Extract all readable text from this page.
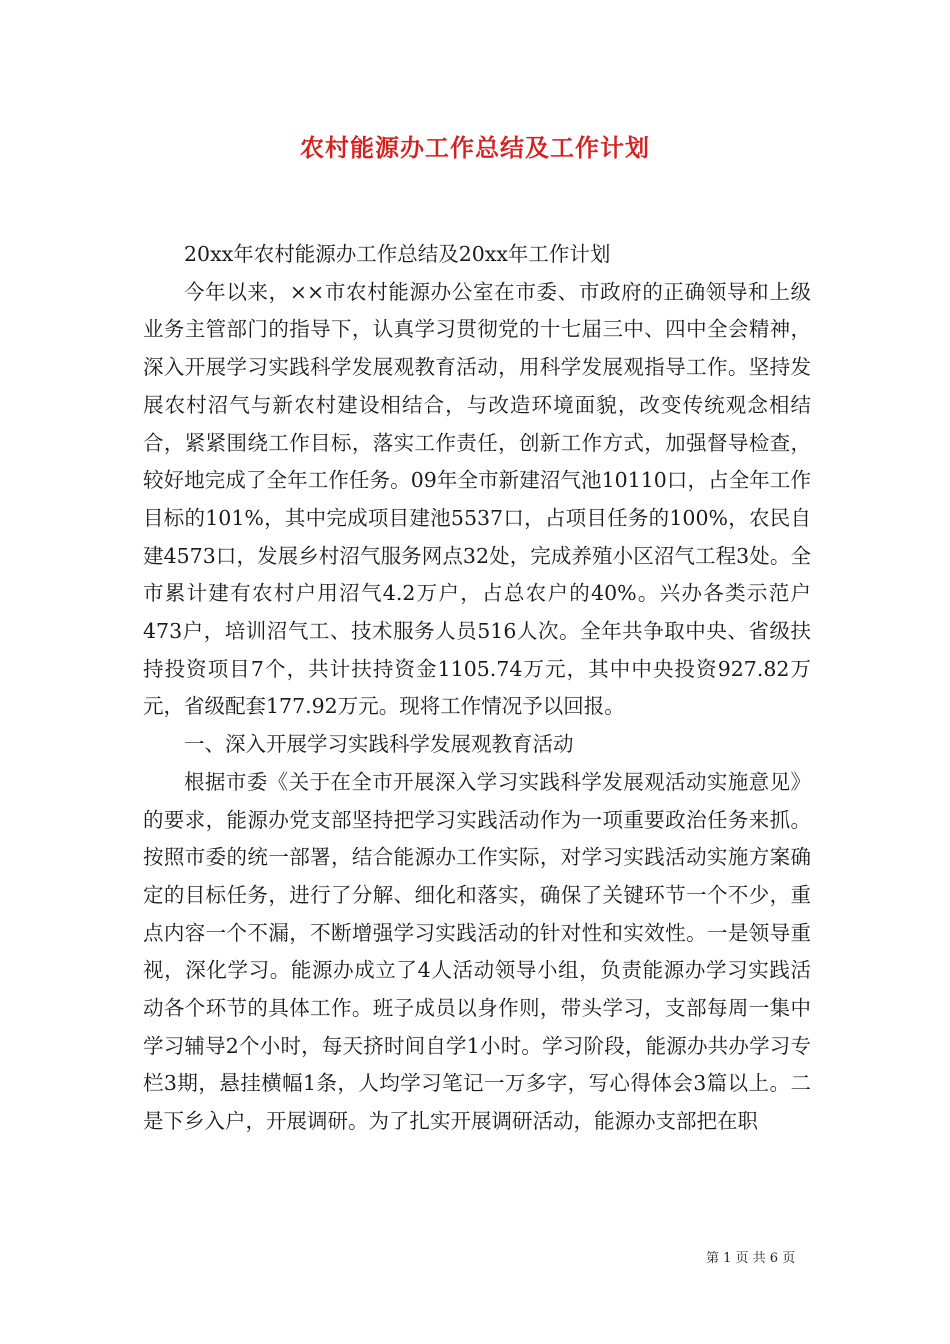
农村能源办工作总结及工作计划

20xx年农村能源办工作总结及20xx年工作计划

今年以来，××市农村能源办公室在市委、市政府的正确领导和上级业务主管部门的指导下，认真学习贯彻党的十七届三中、四中全会精神，深入开展学习实践科学发展观教育活动，用科学发展观指导工作。坚持发展农村沼气与新农村建设相结合，与改造环境面貌，改变传统观念相结合，紧紧围绕工作目标，落实工作责任，创新工作方式，加强督导检查，较好地完成了全年工作任务。09年全市新建沼气池10110口，占全年工作目标的101%，其中完成项目建池5537口，占项目任务的100%，农民自建4573口，发展乡村沼气服务网点32处，完成养殖小区沼气工程3处。全市累计建有农村户用沼气4.2万户，占总农户的40%。兴办各类示范户473户，培训沼气工、技术服务人员516人次。全年共争取中央、省级扶持投资项目7个，共计扶持资金1105.74万元，其中中央投资927.82万元，省级配套177.92万元。现将工作情况予以回报。

一、深入开展学习实践科学发展观教育活动

根据市委《关于在全市开展深入学习实践科学发展观活动实施意见》的要求，能源办党支部坚持把学习实践活动作为一项重要政治任务来抓。按照市委的统一部署，结合能源办工作实际，对学习实践活动实施方案确定的目标任务，进行了分解、细化和落实，确保了关键环节一个不少，重点内容一个不漏，不断增强学习实践活动的针对性和实效性。一是领导重视，深化学习。能源办成立了4人活动领导小组，负责能源办学习实践活动各个环节的具体工作。班子成员以身作则，带头学习，支部每周一集中学习辅导2个小时，每天挤时间自学1小时。学习阶段，能源办共办学习专栏3期，悬挂横幅1条，人均学习笔记一万多字，写心得体会3篇以上。二是下乡入户，开展调研。为了扎实开展调研活动，能源办支部把在职

第 1 页 共 6 页
